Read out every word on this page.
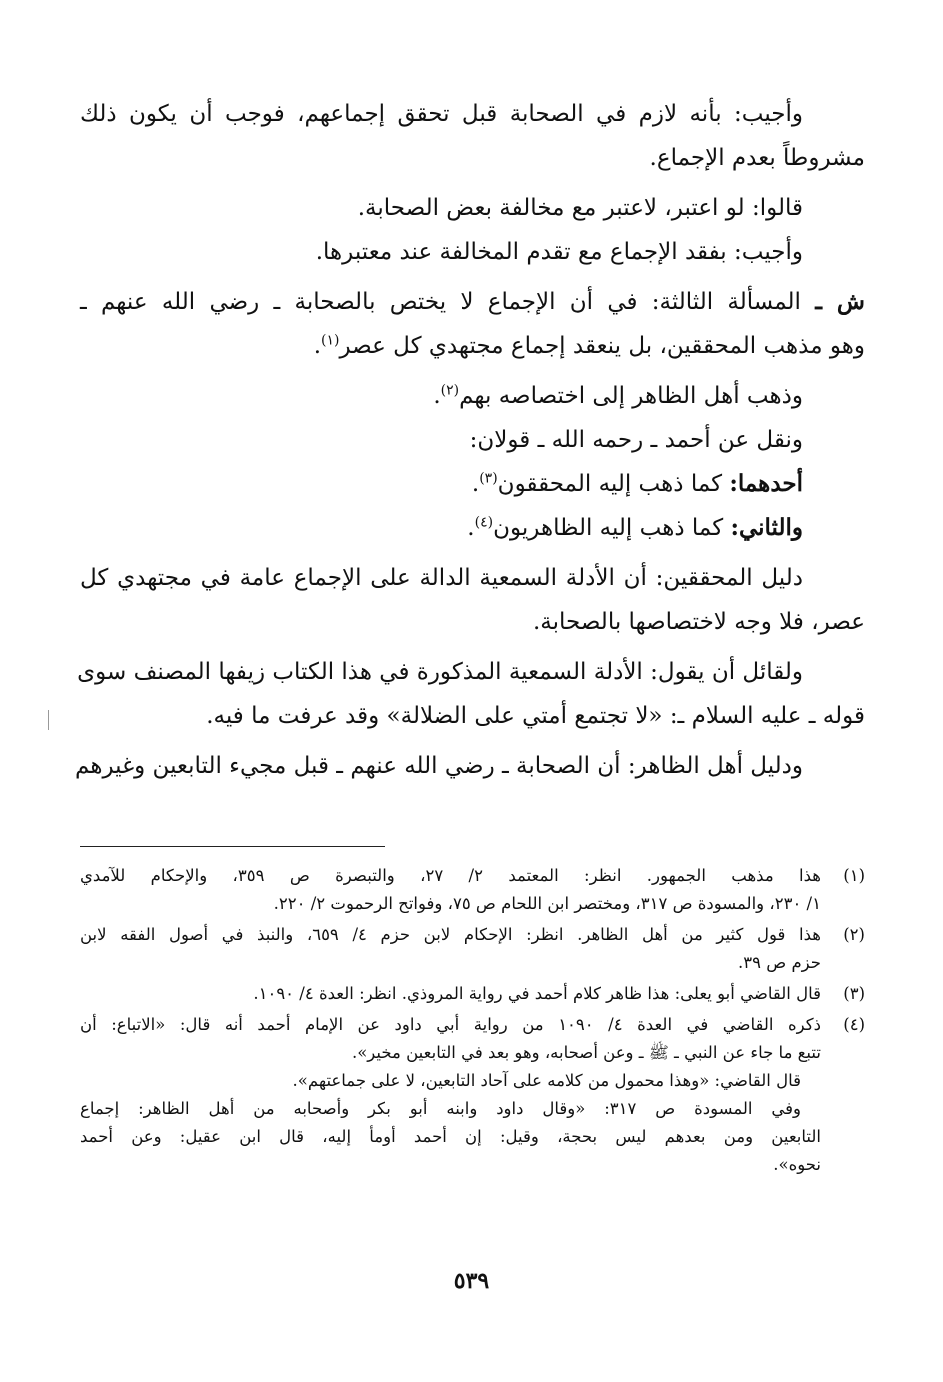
وأجيب: بأنه لازم في الصحابة قبل تحقق إجماعهم، فوجب أن يكون ذلك
مشروطاً بعدم الإجماع.
قالوا: لو اعتبر، لاعتبر مع مخالفة بعض الصحابة.
وأجيب: بفقد الإجماع مع تقدم المخالفة عند معتبرها.
ش ـ المسألة الثالثة: في أن الإجماع لا يختص بالصحابة ـ رضي الله عنهم ـ
وهو مذهب المحققين، بل ينعقد إجماع مجتهدي كل عصر$^{(١)}$.
وذهب أهل الظاهر إلى اختصاصه بهم$^{(٢)}$.
ونقل عن أحمد ـ رحمه الله ـ قولان:
أحدهما: كما ذهب إليه المحققون$^{(٣)}$.
والثاني: كما ذهب إليه الظاهريون$^{(٤)}$.
دليل المحققين: أن الأدلة السمعية الدالة على الإجماع عامة في مجتهدي كل
عصر، فلا وجه لاختصاصها بالصحابة.
ولقائل أن يقول: الأدلة السمعية المذكورة في هذا الكتاب زيفها المصنف سوى
قوله ـ عليه السلام ـ: «لا تجتمع أمتي على الضلالة» وقد عرفت ما فيه.
ودليل أهل الظاهر: أن الصحابة ـ رضي الله عنهم ـ قبل مجيء التابعين وغيرهم
(١)هذا مذهب الجمهور. انظر: المعتمد ٢/ ٢٧، والتبصرة ص ٣٥٩، والإحكام للآمدي
١/ ٢٣٠، والمسودة ص ٣١٧، ومختصر ابن اللحام ص ٧٥، وفواتح الرحموت ٢/ ٢٢٠.
(٢)هذا قول كثير من أهل الظاهر. انظر: الإحكام لابن حزم ٤/ ٦٥٩، والنبذ في أصول الفقه لابن
حزم ص ٣٩.
(٣)قال القاضي أبو يعلى: هذا ظاهر كلام أحمد في رواية المروذي. انظر: العدة ٤/ ١٠٩٠.
(٤)ذكره القاضي في العدة ٤/ ١٠٩٠ من رواية أبي داود عن الإمام أحمد أنه قال: «الاتباع: أن
تتبع ما جاء عن النبي ـ ﷺ ـ وعن أصحابه، وهو بعد في التابعين مخير».
قال القاضي: «وهذا محمول من كلامه على آحاد التابعين، لا على جماعتهم».
وفي المسودة ص ٣١٧: «وقال داود وابنه أبو بكر وأصحابه من أهل الظاهر: إجماع
التابعين ومن بعدهم ليس بحجة، وقيل: إن أحمد أومأ إليه، قال ابن عقيل: وعن أحمد
نحوه».
٥٣٩
